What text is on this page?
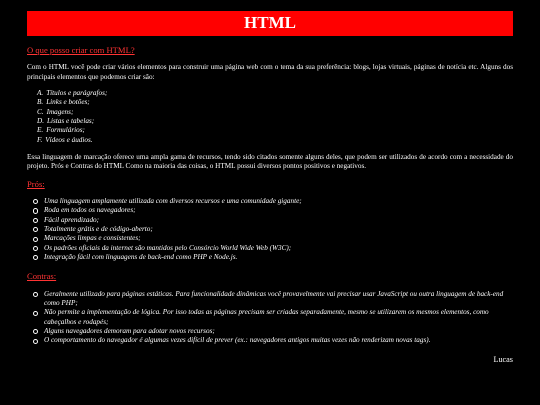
HTML
O que posso criar com HTML?

Com o HTML você pode criar vários elementos para construir uma página web com o tema da sua preferência: blogs, lojas virtuais, páginas de notícia etc. Alguns dos principais elementos que podemos criar são:

A. Títulos e parágrafos;
B. Links e botões;
C. Imagens;
D. Listas e tabelas;
E. Formulários;
F. Vídeos e áudios.

Essa linguagem de marcação oferece uma ampla gama de recursos, tendo sido citados somente alguns deles, que podem ser utilizados de acordo com a necessidade do projeto. Prós e Contras do HTML Como na maioria das coisas, o HTML possui diversos pontos positivos e negativos.

Prós:
Uma linguagem amplamente utilizada com diversos recursos e uma comunidade gigante;
Roda em todos os navegadores;
Fácil aprendizado;
Totalmente grátis e de código-aberto;
Marcações limpas e consistentes;
Os padrões oficiais da internet são mantidos pelo Consórcio World Wide Web (W3C);
Integração fácil com linguagens de back-end como PHP e Node.js.
Contras:
Geralmente utilizado para páginas estáticas. Para funcionalidade dinâmicas você provavelmente vai precisar usar JavaScript ou outra linguagem de back-end como PHP;
Não permite a implementação de lógica. Por isso todas as páginas precisam ser criadas separadamente, mesmo se utilizarem os mesmos elementos, como cabeçalhos e rodapés;
Alguns navegadores demoram para adotar novos recursos;
O comportamento do navegador é algumas vezes difícil de prever (ex.: navegadores antigos muitas vezes não renderizam novas tags).
Lucas
